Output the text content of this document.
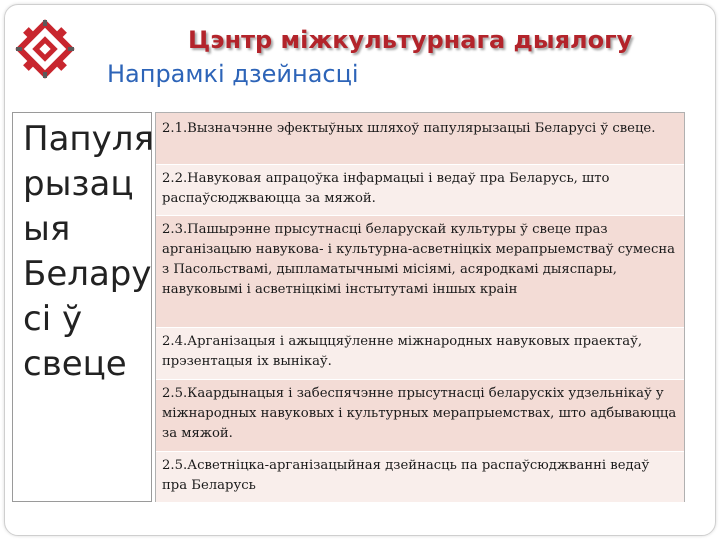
Цэнтр міжкультурнага дыялогу
Напрамкі дзейнасці
Папуля
рызац
ыя
Белару
сі ў
свеце
2.1.Вызначэнне эфектыўных шляхоў папулярызацыі Беларусі ў свеце.
2.2.Навуковая апрацоўка інфармацыі і ведаў пра Беларусь, што распаўсюджваюцца за мяжой.
2.3.Пашырэнне прысутнасці беларускай культуры ў свеце праз арганізацыю навукова- і культурна-асветніцкіх мерапрыемстваў сумесна з Пасольствамі, дыпламатычнымі місіямі, асяродкамі дыяспары, навуковымі і асветніцкімі інстытутамі іншых краін
2.4.Арганізацыя і ажыццяўленне міжнародных навуковых праектаў, прэзентацыя іх вынікаў.
2.5.Каардынацыя і забеспячэнне прысутнасці беларускіх удзельнікаў у міжнародных навуковых і культурных мерапрыемствах, што адбываюцца за мяжой.
2.5.Асветніцка-арганізацыйная дзейнасць па распаўсюджванні ведаў пра Беларусь
